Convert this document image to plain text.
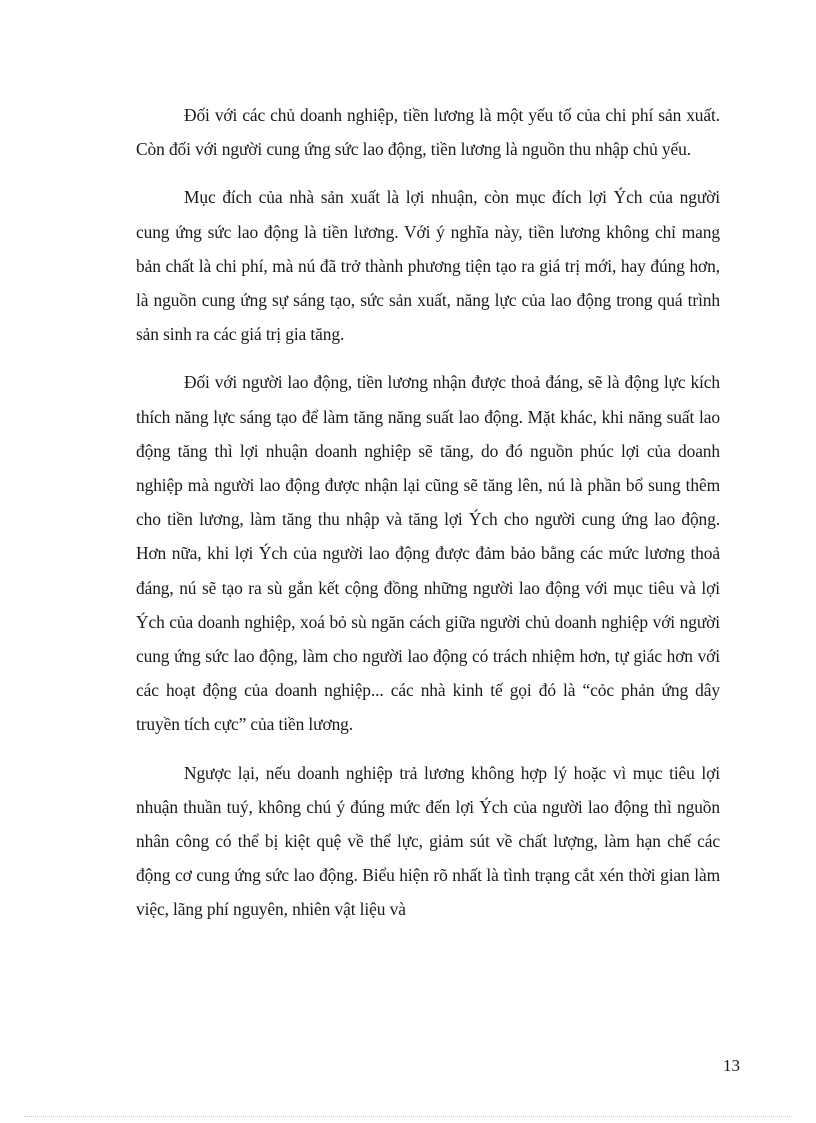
Đối với các chủ doanh nghiệp, tiền lương là một yếu tố của chi phí sản xuất. Còn đối với người cung ứng sức lao động, tiền lương là nguồn thu nhập chủ yếu.

Mục đích của nhà sản xuất là lợi nhuận, còn mục đích lợi Ých của người cung ứng sức lao động là tiền lương. Với ý nghĩa này, tiền lương không chỉ mang bản chất là chi phí, mà nú đã trở thành phương tiện tạo ra giá trị mới, hay đúng hơn, là nguồn cung ứng sự sáng tạo, sức sản xuất, năng lực của lao động trong quá trình sản sinh ra các giá trị gia tăng.

Đối với người lao động, tiền lương nhận được thoả đáng, sẽ là động lực kích thích năng lực sáng tạo để làm tăng năng suất lao động. Mặt khác, khi năng suất lao động tăng thì lợi nhuận doanh nghiệp sẽ tăng, do đó nguồn phúc lợi của doanh nghiệp mà người lao động được nhận lại cũng sẽ tăng lên, nú là phần bổ sung thêm cho tiền lương, làm tăng thu nhập và tăng lợi Ých cho người cung ứng lao động. Hơn nữa, khi lợi Ých của người lao động được đảm bảo bằng các mức lương thoả đáng, nú sẽ tạo ra sù gắn kết cộng đồng những người lao động với mục tiêu và lợi Ých của doanh nghiệp, xoá bỏ sù ngăn cách giữa người chủ doanh nghiệp với người cung ứng sức lao động, làm cho người lao động có trách nhiệm hơn, tự giác hơn với các hoạt động của doanh nghiệp... các nhà kinh tế gọi đó là “cỏc phản ứng dây truyền tích cực” của tiền lương.

Ngược lại, nếu doanh nghiệp trả lương không hợp lý hoặc vì mục tiêu lợi nhuận thuần tuý, không chú ý đúng mức đến lợi Ých của người lao động thì nguồn nhân công có thể bị kiệt quệ về thể lực, giảm sút về chất lượng, làm hạn chế các động cơ cung ứng sức lao động. Biểu hiện rõ nhất là tình trạng cắt xén thời gian làm việc, lãng phí nguyên, nhiên vật liệu và

13
